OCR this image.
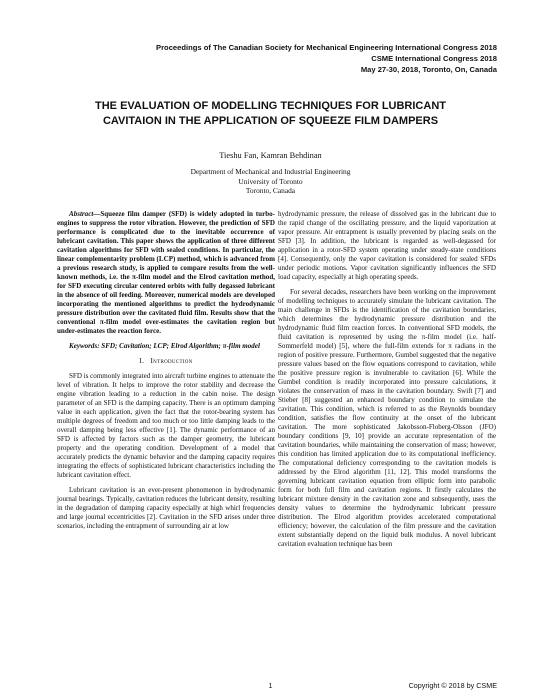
Proceedings of The Canadian Society for Mechanical Engineering International Congress 2018
CSME International Congress 2018
May 27-30, 2018, Toronto, On, Canada
THE EVALUATION OF MODELLING TECHNIQUES FOR LUBRICANT
CAVITAION IN THE APPLICATION OF SQUEEZE FILM DAMPERS
Tieshu Fan, Kamran Behdinan
Department of Mechanical and Industrial Engineering
University of Toronto
Toronto, Canada

Abstract—Squeeze film damper (SFD) is widely adopted in turbo-engines to suppress the rotor vibration. However, the prediction of SFD performance is complicated due to the inevitable occurrence of lubricant cavitation. This paper shows the application of three different cavitation algorithms for SFD with sealed conditions. In particular, the linear complementarity problem (LCP) method, which is advanced from a previous research study, is applied to compare results from the well-known methods, i.e. the π-film model and the Elrod cavitation method, for SFD executing circular centered orbits with fully degassed lubricant in the absence of oil feeding. Moreover, numerical models are developed incorporating the mentioned algorithms to predict the hydrodynamic pressure distribution over the cavitated fluid film. Results show that the conventional π-film model over-estimates the cavitation region but under-estimates the reaction force.

Keywords: SFD; Cavitation; LCP; Elrod Algorithm; π-film model

I. Introduction

SFD is commonly integrated into aircraft turbine engines to attenuate the level of vibration. It helps to improve the rotor stability and decrease the engine vibration leading to a reduction in the cabin noise. The design parameter of an SFD is the damping capacity. There is an optimum damping value in each application, given the fact that the rotor-bearing system has multiple degrees of freedom and too much or too little damping leads to the overall damping being less effective [1]. The dynamic performance of an SFD is affected by factors such as the damper geometry, the lubricant property and the operating condition. Development of a model that accurately predicts the dynamic behavior and the damping capacity requires integrating the effects of sophisticated lubricant characteristics including the lubricant cavitation effect.

Lubricant cavitation is an ever-present phenomenon in hydrodynamic journal bearings. Typically, cavitation reduces the lubricant density, resulting in the degradation of damping capacity especially at high whirl frequencies and large journal eccentricities [2]. Cavitation in the SFD arises under three scenarios, including the entrapment of surrounding air at low

hydrodynamic pressure, the release of dissolved gas in the lubricant due to the rapid change of the oscillating pressure, and the liquid vaporization at vapor pressure. Air entrapment is usually prevented by placing seals on the SFD [3]. In addition, the lubricant is regarded as well-degassed for application in a rotor-SFD system operating under steady-state conditions [4]. Consequently, only the vapor cavitation is considered for sealed SFDs under periodic motions. Vapor cavitation significantly influences the SFD load capacity, especially at high operating speeds.

For several decades, researchers have been working on the improvement of modelling techniques to accurately simulate the lubricant cavitation. The main challenge in SFDs is the identification of the cavitation boundaries, which determines the hydrodynamic pressure distribution and the hydrodynamic fluid film reaction forces. In conventional SFD models, the fluid cavitation is represented by using the π-film model (i.e. half-Sommerfeld model) [5], where the full-film extends for π radians in the region of positive pressure. Furthermore, Gumbel suggested that the negative pressure values based on the flow equations correspond to cavitation, while the positive pressure region is invulnerable to cavitation [6]. While the Gumbel condition is readily incorporated into pressure calculations, it violates the conservation of mass in the cavitation boundary. Swift [7] and Stieber [8] suggested an enhanced boundary condition to simulate the cavitation. This condition, which is referred to as the Reynolds boundary condition, satisfies the flow continuity at the onset of the lubricant cavitation. The more sophisticated Jakobsson-Floberg-Olsson (JFO) boundary conditions [9, 10] provide an accurate representation of the cavitation boundaries, while maintaining the conservation of mass; however, this condition has limited application due to its computational inefficiency. The computational deficiency corresponding to the cavitation models is addressed by the Elrod algorithm [11, 12]. This model transforms the governing lubricant cavitation equation from elliptic form into parabolic form for both full film and cavitation regions. It firstly calculates the lubricant mixture density in the cavitation zone and subsequently, uses the density values to determine the hydrodynamic lubricant pressure distribution. The Elrod algorithm provides accelerated computational efficiency; however, the calculation of the film pressure and the cavitation extent substantially depend on the liquid bulk modulus. A novel lubricant cavitation evaluation technique has been

1	Copyright © 2018 by CSME
